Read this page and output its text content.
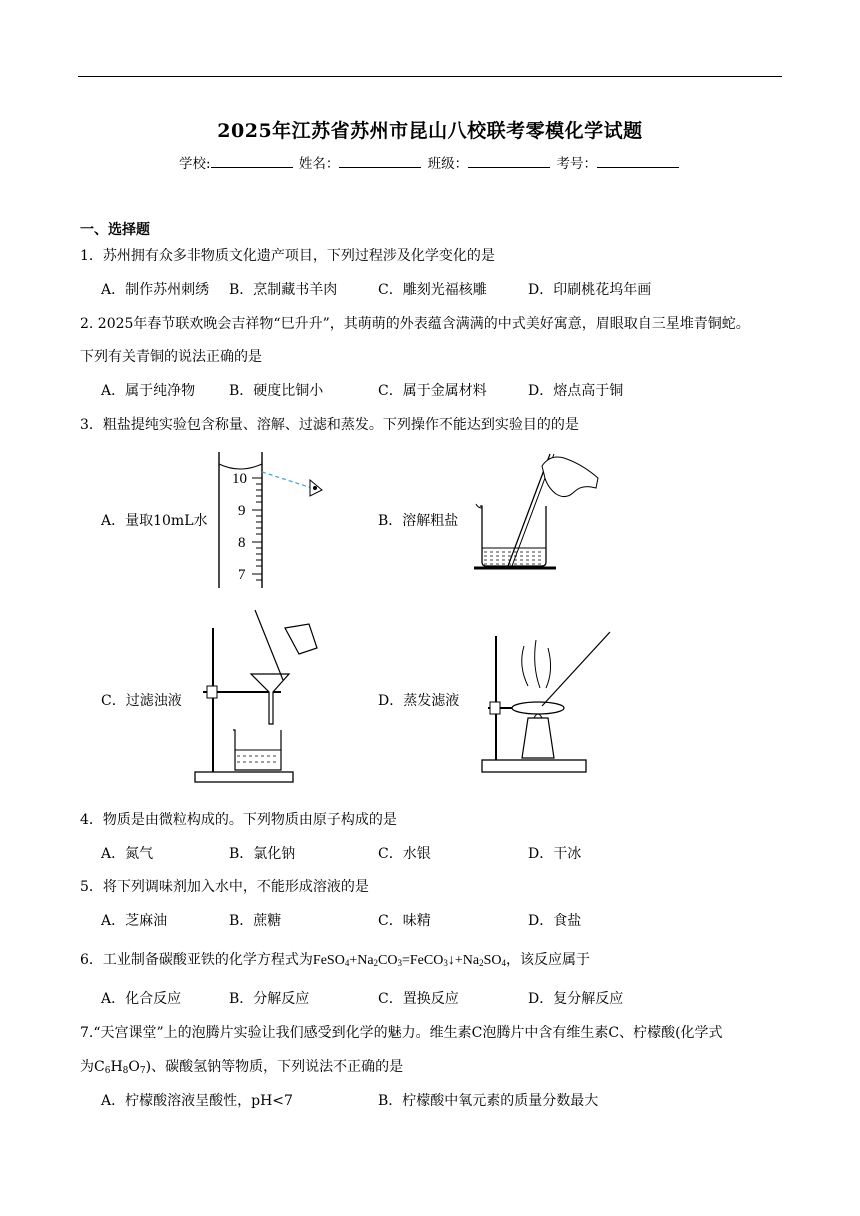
2025年江苏省苏州市昆山八校联考零模化学试题
学校:	姓名：	班级：	考号：
一、选择题
1．苏州拥有众多非物质文化遗产项目，下列过程涉及化学变化的是
A．制作苏州刺绣 B．烹制藏书羊肉	C．雕刻光福核雕	D．印刷桃花坞年画
2. 2025年春节联欢晚会吉祥物“巳升升”，其萌萌的外表蕴含满满的中式美好寓意，眉眼取自三星堆青铜蛇。
下列有关青铜的说法正确的是
A．属于纯净物 B．硬度比铜小	C．属于金属材料	D．熔点高于铜
3．粗盐提纯实验包含称量、溶解、过滤和蒸发。下列操作不能达到实验目的的是
A．量取10mL水	B．溶解粗盐
C．过滤浊液	D．蒸发滤液
10
9
8
7
4．物质是由微粒构成的。下列物质由原子构成的是
A．氮气	B．氯化钠	C．水银	D．干冰
5．将下列调味剂加入水中，不能形成溶液的是
A．芝麻油	B．蔗糖	C．味精	D．食盐
6．工业制备碳酸亚铁的化学方程式为$FeSO_4+Na_2CO_3=FeCO_3↓+Na_2SO_4$，该反应属于
A．化合反应	B．分解反应	C．置换反应	D．复分解反应
7.“天宫课堂”上的泡腾片实验让我们感受到化学的魅力。维生素C泡腾片中含有维生素C、柠檬酸(化学式
为$C_6H_8O_7$)、碳酸氢钠等物质，下列说法不正确的是
A．柠檬酸溶液呈酸性，pH<7	B．柠檬酸中氧元素的质量分数最大
